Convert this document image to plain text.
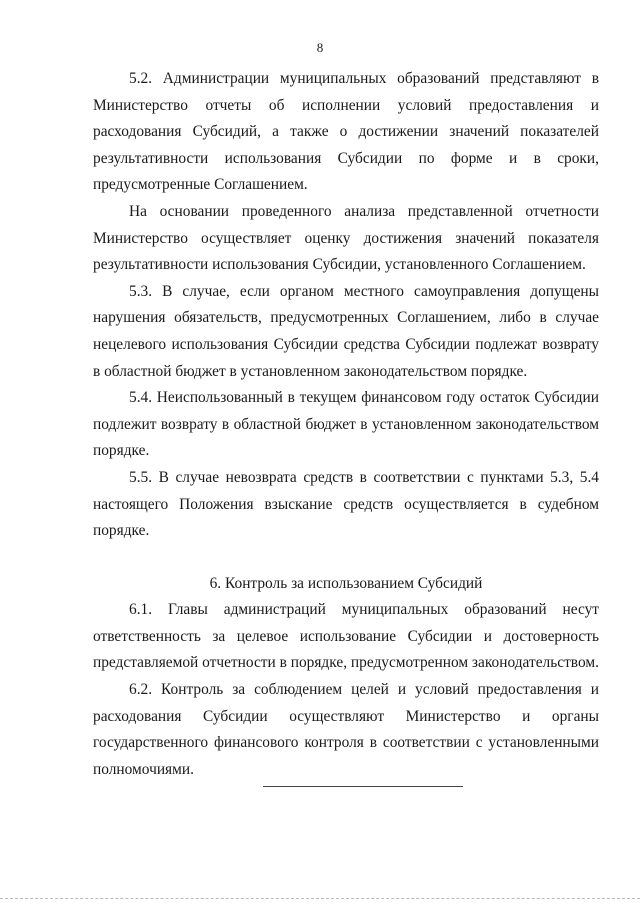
8

5.2. Администрации муниципальных образований представляют в Министерство отчеты об исполнении условий предоставления и расходования Субсидий, а также о достижении значений показателей результативности использования Субсидии по форме и в сроки, предусмотренные Соглашением.

На основании проведенного анализа представленной отчетности Министерство осуществляет оценку достижения значений показателя результативности использования Субсидии, установленного Соглашением.

5.3. В случае, если органом местного самоуправления допущены нарушения обязательств, предусмотренных Соглашением, либо в случае нецелевого использования Субсидии средства Субсидии подлежат возврату в областной бюджет в установленном законодательством порядке.

5.4. Неиспользованный в текущем финансовом году остаток Субсидии подлежит возврату в областной бюджет в установленном законодательством порядке.

5.5. В случае невозврата средств в соответствии с пунктами 5.3, 5.4 настоящего Положения взыскание средств осуществляется в судебном порядке.

6. Контроль за использованием Субсидий

6.1. Главы администраций муниципальных образований несут ответственность за целевое использование Субсидии и достоверность представляемой отчетности в порядке, предусмотренном законодательством.

6.2. Контроль за соблюдением целей и условий предоставления и расходования Субсидии осуществляют Министерство и органы государственного финансового контроля в соответствии с установленными полномочиями.
